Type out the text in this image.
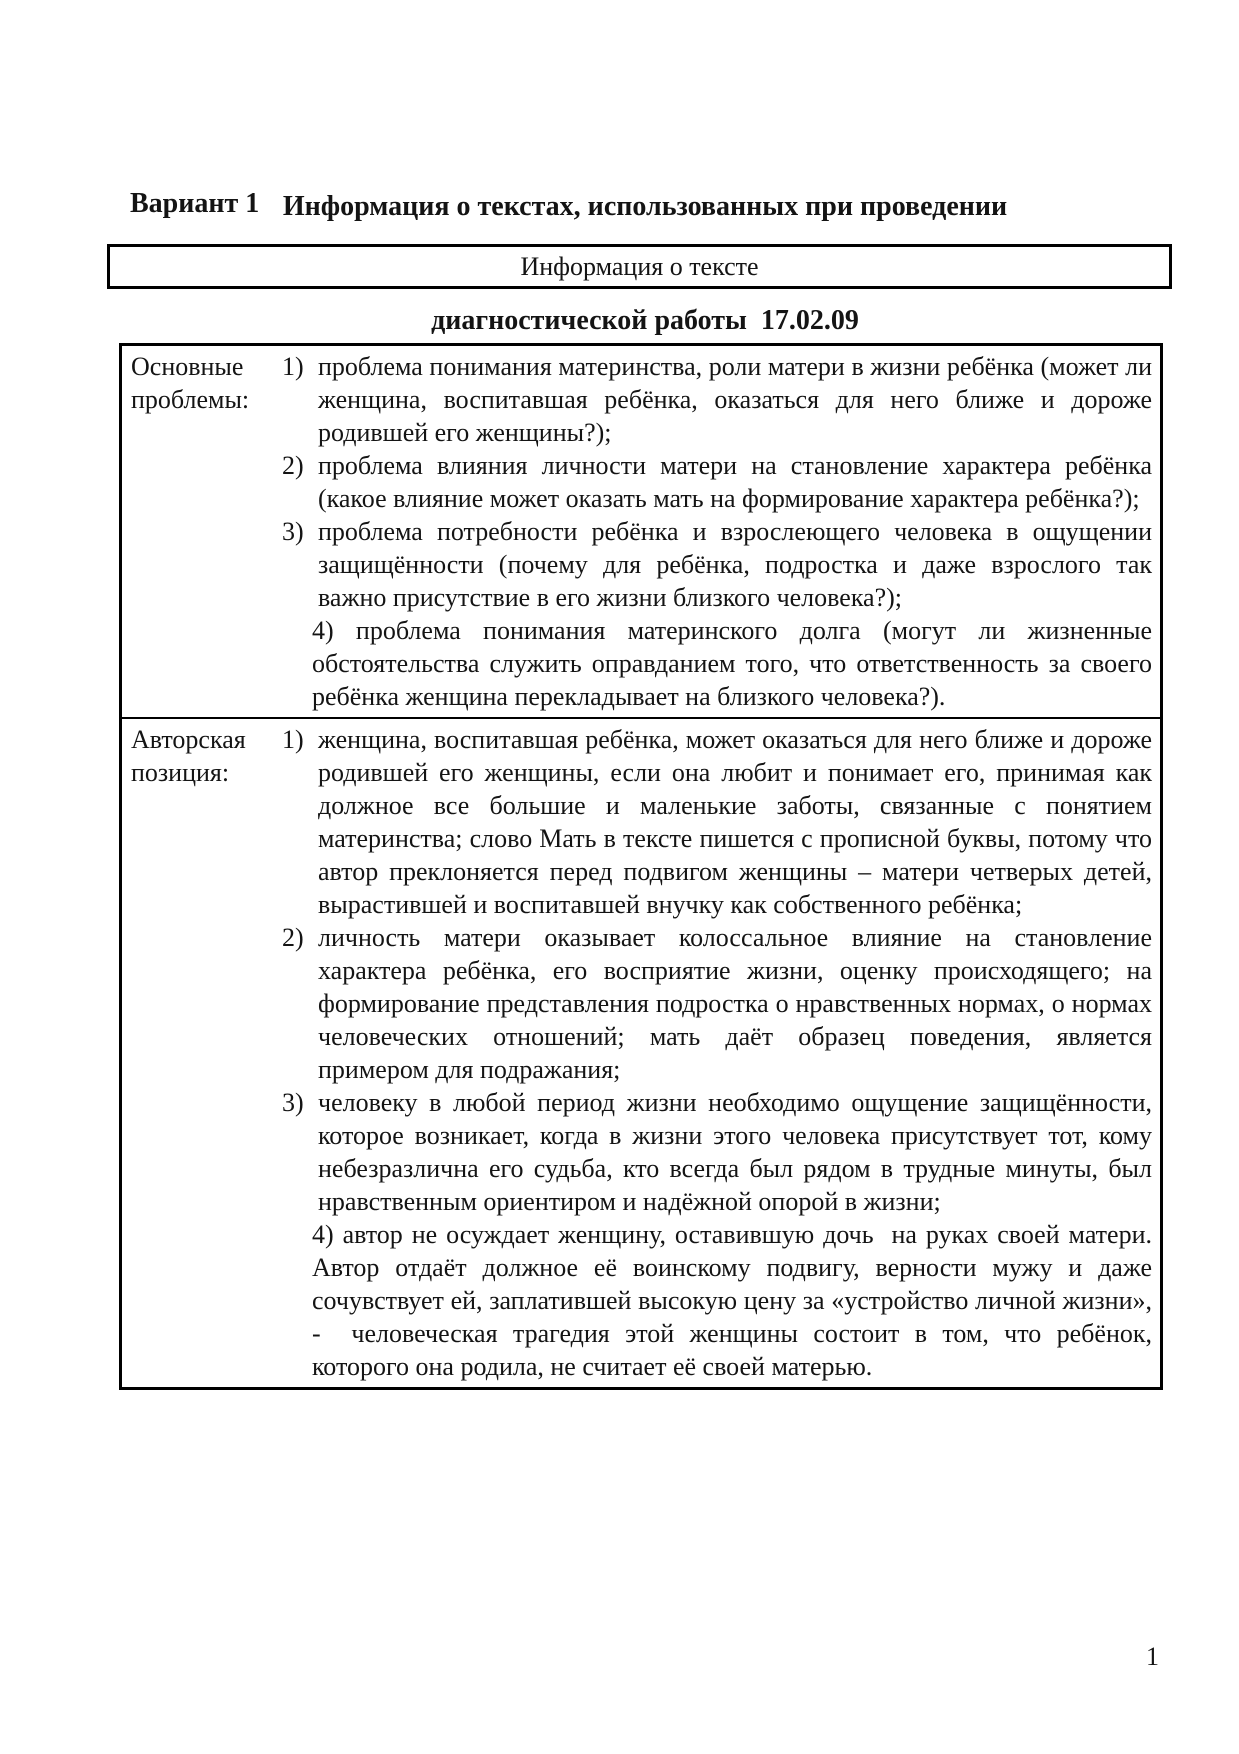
Информация о текстах, использованных при проведении

диагностической работы  17.02.09

Вариант 1
Информация о тексте
Основные проблемы:
1) проблема понимания материнства, роли матери в жизни ребёнка (может ли женщина, воспитавшая ребёнка, оказаться для него ближе и дороже родившей его женщины?);
2) проблема влияния личности матери на становление характера ребёнка (какое влияние может оказать мать на формирование характера ребёнка?);
3) проблема потребности ребёнка и взрослеющего человека в ощущении защищённости (почему для ребёнка, подростка и даже взрослого так важно присутствие в его жизни близкого человека?);
4) проблема понимания материнского долга (могут ли жизненные обстоятельства служить оправданием того, что ответственность за своего ребёнка женщина перекладывает на близкого человека?).
Авторская позиция:
1) женщина, воспитавшая ребёнка, может оказаться для него ближе и дороже родившей его женщины, если она любит и понимает его, принимая как должное все большие и маленькие заботы, связанные с понятием материнства; слово Мать в тексте пишется с прописной буквы, потому что автор преклоняется перед подвигом женщины – матери четверых детей, вырастившей и воспитавшей внучку как собственного ребёнка;
2) личность матери оказывает колоссальное влияние на становление характера ребёнка, его восприятие жизни, оценку происходящего; на формирование представления подростка о нравственных нормах, о нормах человеческих отношений; мать даёт образец поведения, является примером для подражания;
3) человеку в любой период жизни необходимо ощущение защищённости, которое возникает, когда в жизни этого человека присутствует тот, кому небезразлична его судьба, кто всегда был рядом в трудные минуты, был нравственным ориентиром и надёжной опорой в жизни;
4) автор не осуждает женщину, оставившую дочь  на руках своей матери. Автор отдаёт должное её воинскому подвигу, верности мужу и даже сочувствует ей, заплатившей высокую цену за «устройство личной жизни», -  человеческая трагедия этой женщины состоит в том, что ребёнок, которого она родила, не считает её своей матерью.
1
